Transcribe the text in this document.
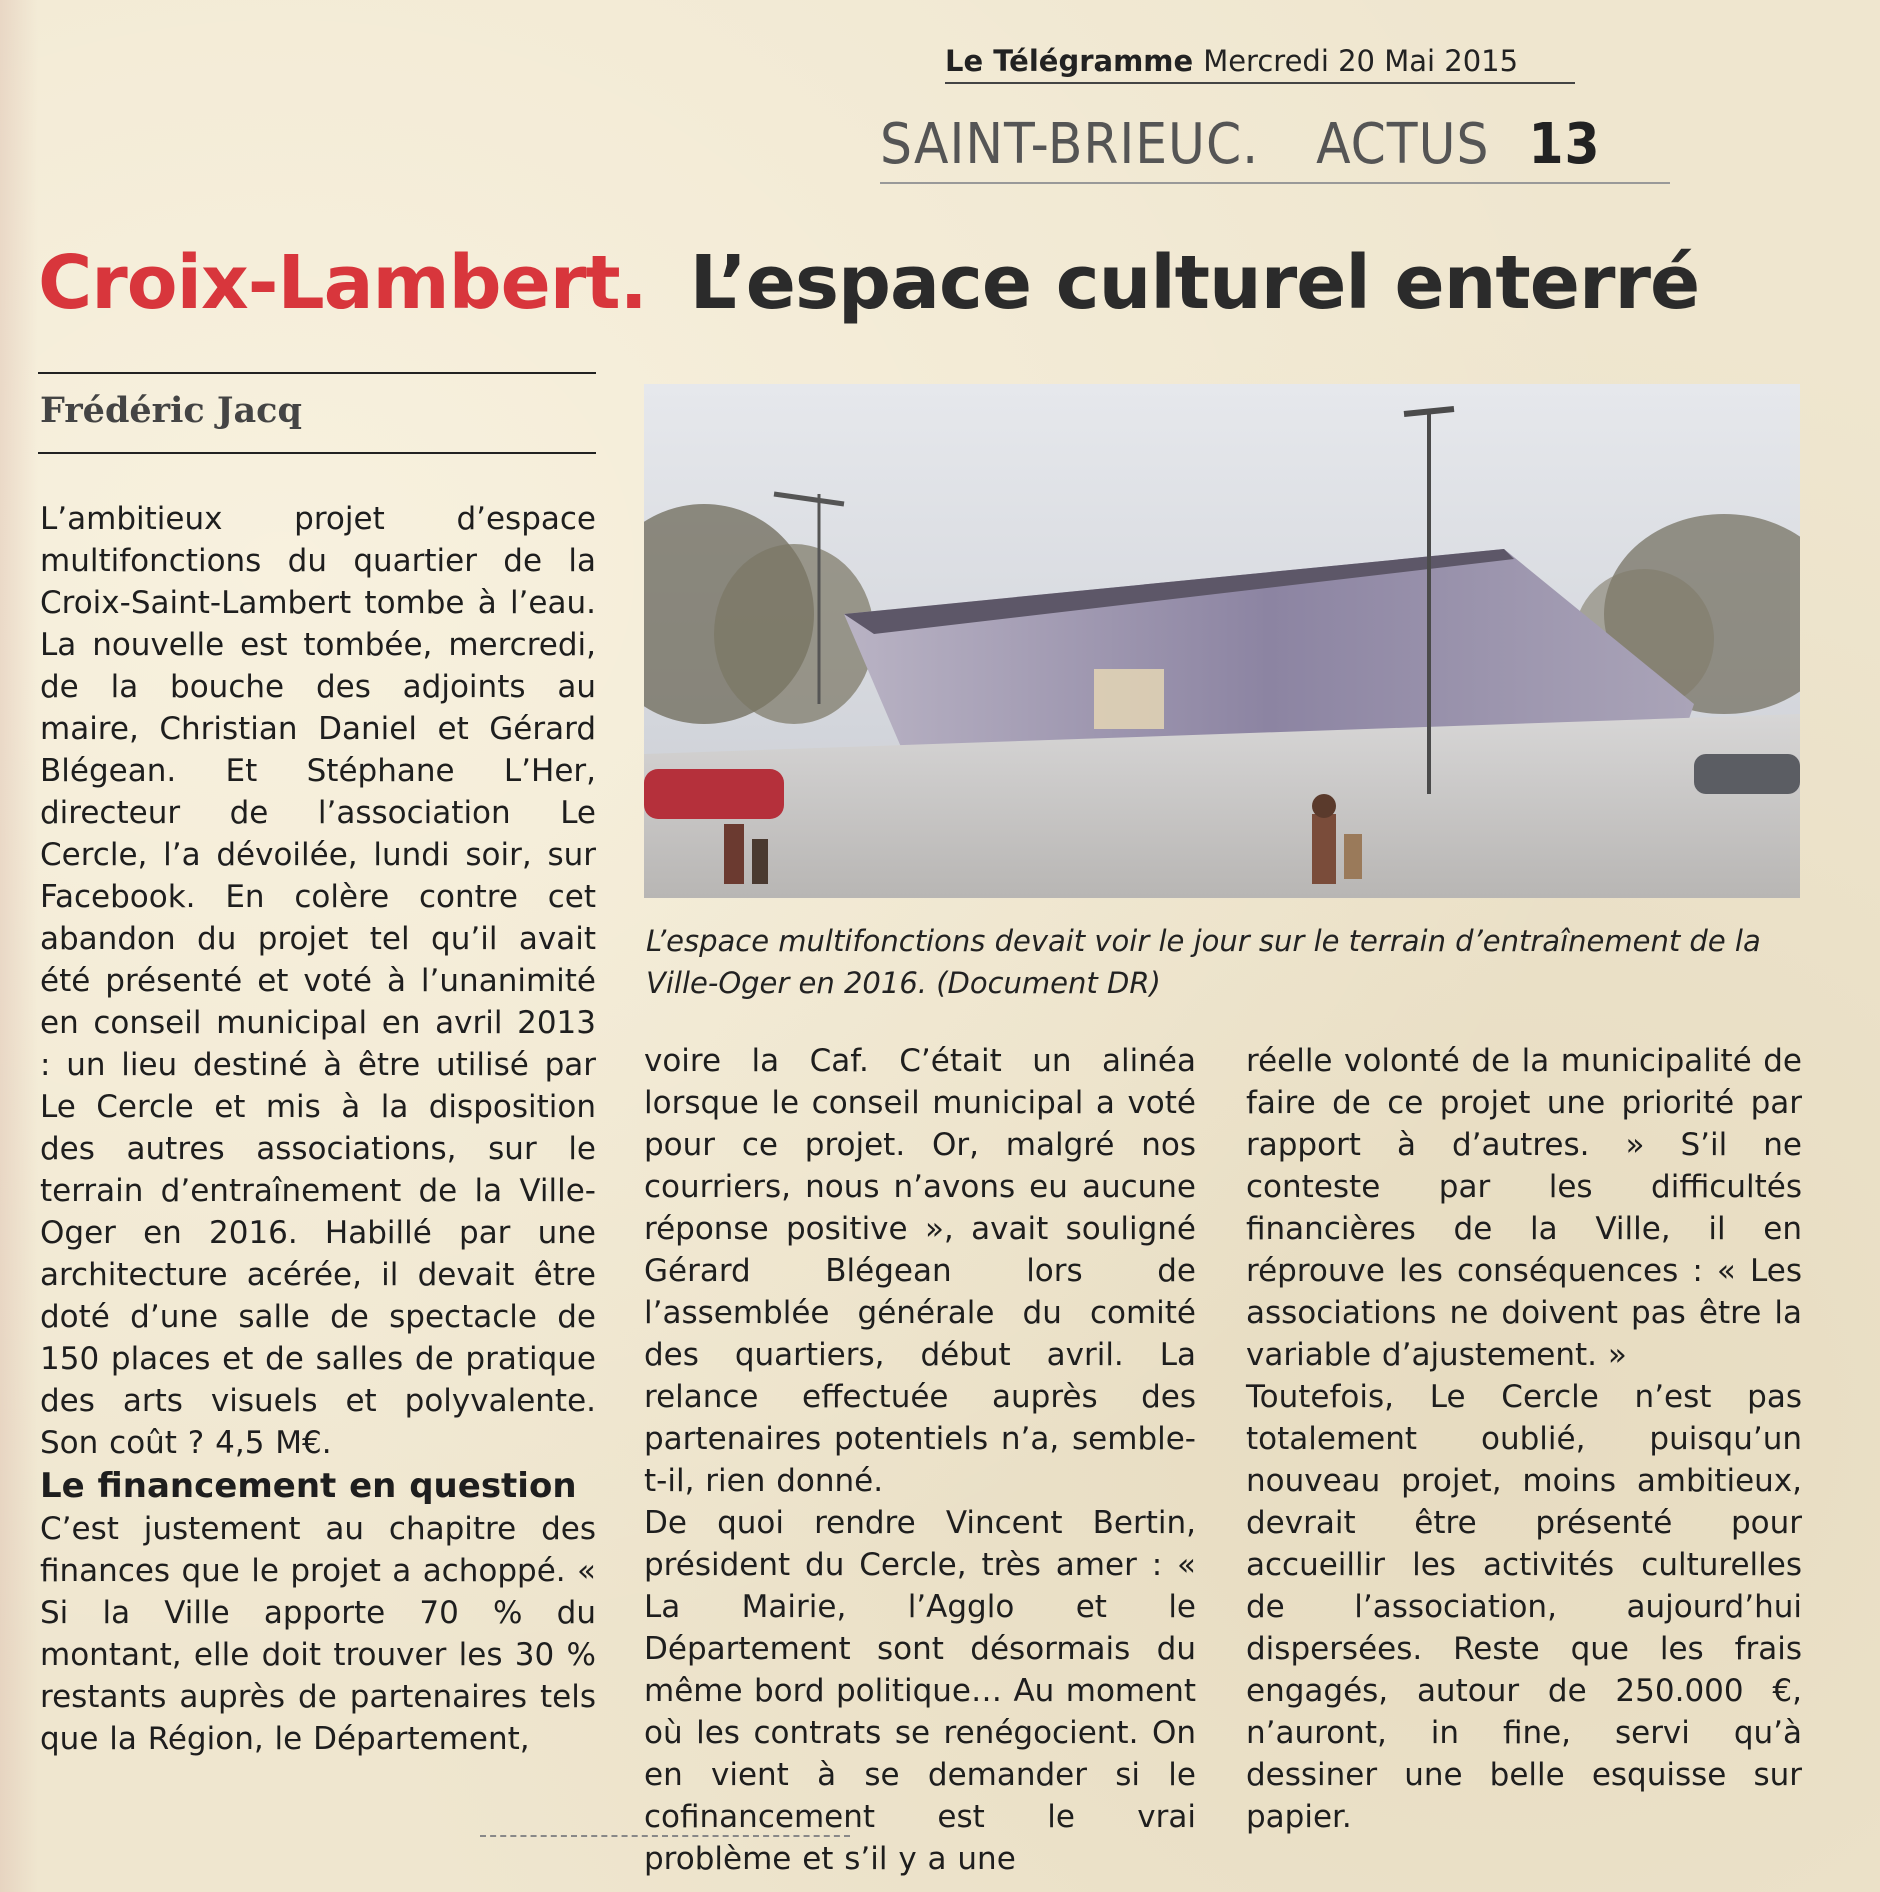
Le Télégramme Mercredi 20 Mai 2015
SAINT-BRIEUC. ACTUS 13
Croix-Lambert. L’espace culturel enterré
Frédéric Jacq
L’espace multifonctions devait voir le jour sur le terrain d’entraînement de la Ville-Oger en 2016. (Document DR)

L’ambitieux projet d’espace multifonctions du quartier de la Croix-Saint-Lambert tombe à l’eau. La nouvelle est tombée, mercredi, de la bouche des adjoints au maire, Christian Daniel et Gérard Blégean. Et Stéphane L’Her, directeur de l’association Le Cercle, l’a dévoilée, lundi soir, sur Facebook. En colère contre cet abandon du projet tel qu’il avait été présenté et voté à l’unanimité en conseil municipal en avril 2013 : un lieu destiné à être utilisé par Le Cercle et mis à la disposition des autres associations, sur le terrain d’entraînement de la Ville-Oger en 2016. Habillé par une architecture acérée, il devait être doté d’une salle de spectacle de 150 places et de salles de pratique des arts visuels et polyvalente. Son coût ? 4,5 M€.

Le financement en question

C’est justement au chapitre des finances que le projet a achoppé. « Si la Ville apporte 70 % du montant, elle doit trouver les 30 % restants auprès de partenaires tels que la Région, le Département,

voire la Caf. C’était un alinéa lorsque le conseil municipal a voté pour ce projet. Or, malgré nos courriers, nous n’avons eu aucune réponse positive », avait souligné Gérard Blégean lors de l’assemblée générale du comité des quartiers, début avril. La relance effectuée auprès des partenaires potentiels n’a, semble-t-il, rien donné.

De quoi rendre Vincent Bertin, président du Cercle, très amer : « La Mairie, l’Agglo et le Département sont désormais du même bord politique… Au moment où les contrats se renégocient. On en vient à se demander si le cofinancement est le vrai problème et s’il y a une

réelle volonté de la municipalité de faire de ce projet une priorité par rapport à d’autres. » S’il ne conteste par les difficultés financières de la Ville, il en réprouve les conséquences : « Les associations ne doivent pas être la variable d’ajustement. »

Toutefois, Le Cercle n’est pas totalement oublié, puisqu’un nouveau projet, moins ambitieux, devrait être présenté pour accueillir les activités culturelles de l’association, aujourd’hui dispersées. Reste que les frais engagés, autour de 250.000 €, n’auront, in fine, servi qu’à dessiner une belle esquisse sur papier.
